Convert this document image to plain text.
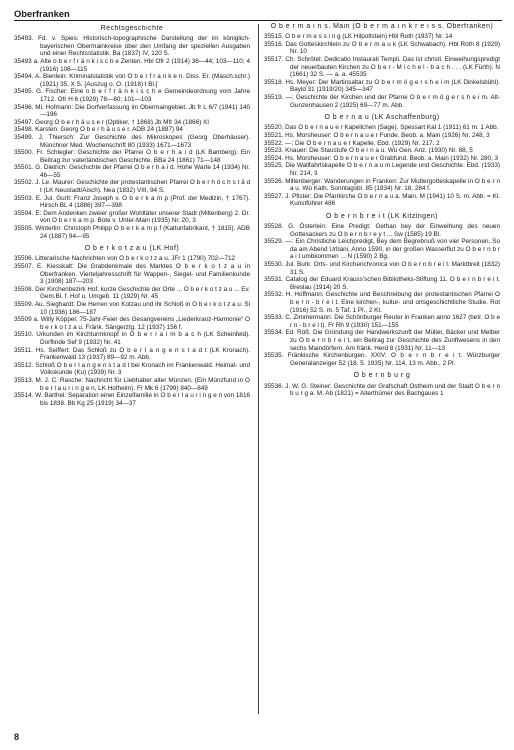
Oberfranken
Rechtsgeschichte

35493. Fd. v. Spies: Historisch-topographische Darstellung der im königlich-bayerischen Obermainkreise über den Umfang der speziellen Ausgaben und einer Rechtsstatistik. Ba (1837) IV, 120 S.

35493 a. Alte o b e r f r ä n k i s c h e Zenten. Hbl Ofr 2 (1914) 36—44; 103—110; 4 (1916) 106—115

35494. A. Bienlein: Kriminalstatistik von O b e r f r a n k e n. Diss. Er. (Masch.schr.) (1921) 35, X S. [Auszug o. O. (1918) I Bl.]

35495. G. Fischer: Eine o b e r f r ä n k i s c h e Gemeindeordnung vom Jahre 1712. Ofr H 6 (1929) 78—80; 101—103

35496. Mi. Hofmann: Die Dorfverfassung im Obermaingebiet. Jb fr L 6/7 (1941) 140—196

35497. Georg O b e r h ä u s e r (Optiker, † 1868) Jb Mfr 34 (1866) XI

35498. Karsten: Georg O b e r h ä u s e r. ADB 24 (1887) 94

35499. J. Thiersch: Zur Geschichte des Mikroskopes (Georg Oberhäuser). Münchner Med. Wochenschrift 80 (1933) 1671—1673

35500. Fr. Schlegler: Geschichte der Pfarrei O b e r h a i d (LK Bamberg). Ein Beitrag zur vaterländischen Geschichte. BBa 24 (1861) 71—148

35501. G. Dietrich: Geschichte der Pfarrei O b e r h a i d. Hohe Warte 14 (1934) Nr. 46—55

35502. J. Le. Maurer: Geschichte der protestantischen Pfarrei O b e r h ö c h s t ä d t (LK Neustadt/Aisch). Nea (1832) VIII, 94 S.

35503. E. Jul. Gurlt: Franz Joseph v. O b e r k a m p (Prof. der Medizin, † 1767). Hirsch BL 4 (1886) 397—398

35504. E: Dem Andenken zweier großer Wohltäter unserer Stadt (Miltenberg) 2. Dr. von O b e r k a m p. Bote v. Unter-Main (1935) Nr. 20, 3

35505. Winterlin: Christoph Philipp O b e r k a m p f (Kattunfabrikant, † 1815). ADB 24 (1887) 94—95

O b e r k o t z a u (LK Hof)

35506. Litterarische Nachrichten von O b e r k o t z a u. JFr 1 (1790) 702—712

35507. E. Kiesskalt: Die Grabdenkmale des Marktes O b e r k o t z a u in Oberfranken. Vierteljahresschrift für Wappen-, Siegel- und Familienkunde 3 (1908) 187—203

35508. Der Kirchenbezirk Hof, kurze Geschichte der Orte ... O b e r k o t z a u ... Ev. Gem.Bl. f. Hof u. Umgeb. 11 (1929) Nr. 45

35509. Au. Sieghardt: Die Herren von Kotzau und ihr Schloß in O b e r k o t z a u. Sl 10 (1936) 186—187

35509 a. Willy Köppel: 75-Jahr-Feier des Gesangvereins „Liederkranz-Harmonie“ O b e r k o t z a u. Fränk. Sängerztg. 12 (1937) 156 f.

35510. Urkunden im Kirchturmknopf in O b e r l a i m b a c h (LK Scheinfeld). Dorflinde Sef 9 (1932) Nr. 41

35511. Hs. Seiffert: Das Schloß zu O b e r l a n g e n s t a d t (LK Kronach). Frankenwald 13 (1937) 89—92 m. Abb.

35512. Schloß O b e r l a n g e n s t a d t bei Kronach im Frankenwald. Heimat- und Volkskunde (Ku) (1939) Nr. 3

35513. M. J. C. Rasche: Nachricht für Liebhaber alter Münzen. (Ein Münzfund in O b e r l a u r i n g e n, LK Hofheim). Fr Mk 6 (1799) 840—849

35514. W. Barthel: Separation einer Einzelfamilie in O b e r l a u r i n g e n von 1816 bis 1838. Bb Kg 25 (1919) 34—37

O b e r m a i n s. Main (O b e r m a i n k r e i s s. Oberfranken)

35515. O b e r m e s s i n g (LK Hilpoltstein) Hbl Roth (1937) Nr. 14

35516. Das Gotteskirchlein zu O b e r m a u k (LK Schwabach). Hbl Roth 8 (1929) Nr. 10

35517. Ch. Schrötel: Dedicatio Instaurati Templi. Das ist christl. Einweihungspredigt der neuerbauten Kirchen zu O b e r - M i c h e l - b a c h . . . (LK Fürth). N (1661) 32 S. — a. a. 45535

35518. Hs. Meyer: Der Martinsaltar zu O b e r m ö g e r s h e i m (LK Dinkelsbühl). Bayld 31 (1919/20) 345—347

35519. —: Geschichte der Kirchen und der Pfarrei O b e r m ö g e r s h e i m. Alt-Gunzenhausen 2 (1925) 69—77 m. Abb.

O b e r n a u (LK Aschaffenburg)

35520. Das O b e r n a u e r Kapellchen (Sage). Spessart Kal 1 (1911) 61 m. 1 Abb.

35521. Hs. Morsheuser: O b e r n a u e r Funde. Beob. a. Main (1926) Nr. 248, 3

35522. —: Die O b e r n a u e r Kapelle. Ebd. (1929) Nr. 217, 2

35523. Knauer: Die Staustufe O b e r n a u. Wü Gen. Anz. (1930) Nr. 88, 5

35524. Hs. Morsheuser: O b e r n a u e r Grabfund. Beob. a. Main (1932) Nr. 280, 3

35525. Die Wallfahrtskapelle O b e r n a u in Legende und Geschichte. Ebd. (1933) Nr. 214, 3

35526. Miltenberger: Wanderungen in Franken: Zur Muttergotteskapelle in O b e r n a u. Wü Kath. Sonntagsbl. 85 (1934) Nr. 18, 284 f.

35527. J. Pfister: Die Pfarrkirche O b e r n a u a. Main. M (1941) 10 S. m. Abb. = Kl. Kunstführer 486

O b e r n b r e i t (LK Kitzingen)

35528. G. Österlein: Eine Predigt: Gethan bey der Einweihung des neuen Gottesackers zu O b e r n b r e y t ... Sw (1585) 19 Bl.

35529. —: Ein Christliche Leichpredigt, Bey dem Begrebnuß von vier Personen, So da am Abend Urbani, Anno 1590, in der großen Wasserflut zu O b e r n b r a i t umbkommen ... N (1590) 2 Bg.

35530. Jul. Burk: Orts- und Kirchenchronica von O b e r n b r e i t. Marktbreit (1832) 31 S.

35531. Catalog der Eduard Krauss'schen Bibliotheks-Stiftung 11. O b e r n b r e i t. Breslau (1914) 20 S.

35532. H. Hoffmann: Geschichte und Beschreibung der protestantischen Pfarrei O b e r n - b r e i t. Eine kirchen-, kultur- und ortsgeschichtliche Studie. Rot (1916) 52 S. m. 5 Taf. 1 Pl., 2 Kt.

35533. C. Zimmermann: Die Schönburger Reuter in Franken anno 1627 (betr. O b e r n - b r e i t). Fr Rh 9 (1930) 151—155

35534. Ed. Röß: Die Gründung der Handwerkszunft der Müller, Bäcker und Melber zu O b e r n b r e i t, ein Beitrag zur Geschichte des Zunftwesens in den sechs Maindörfern. Am fränk. Herd 8 (1931) Nr. 11—13

35535. Fränkische Kirchenburgen. XXIV: O b e r n b r e i t. Würzburger Generalanzeiger 52 (18. 5. 1935) Nr. 114, 13 m. Abb., 2 Pl.

O b e r n b u r g

35536. J. W. G. Steiner: Geschichte der Grafschaft Ostheim und der Stadt O b e r n b u r g a. M. Ab (1821) = Alterthümer des Bachgaues 1

8
